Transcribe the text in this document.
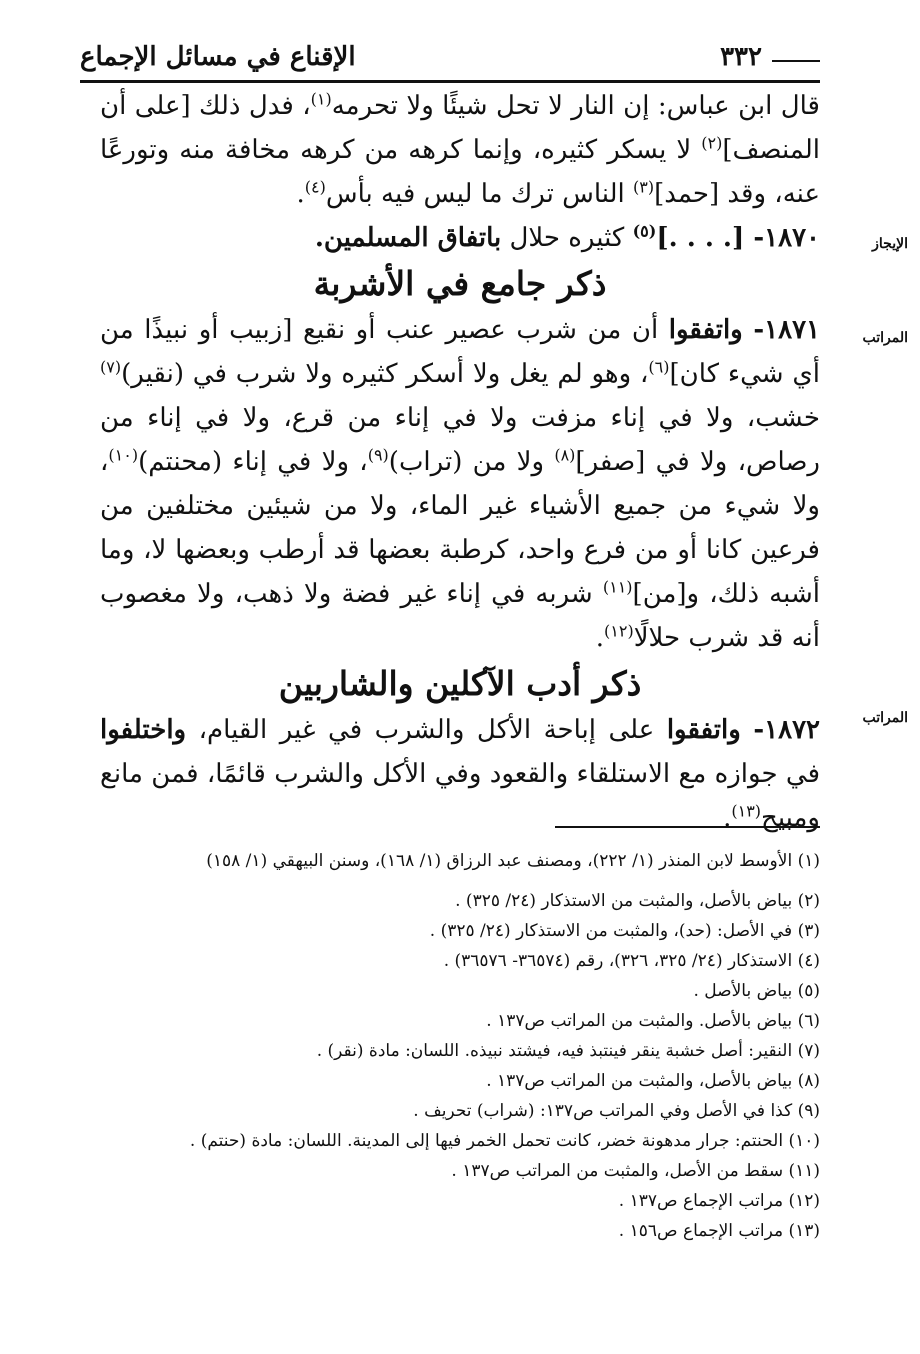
٣٣٢
الإقناع في مسائل الإجماع
الإيجاز
المراتب
المراتب

قال ابن عباس: إن النار لا تحل شيئًا ولا تحرمه$^{(١)}$، فدل ذلك [على أن المنصف]$^{(٢)}$ لا يسكر كثيره، وإنما كرهه من كرهه مخافة منه وتورعًا عنه، وقد [حمد]$^{(٣)}$ الناس ترك ما ليس فيه بأس$^{(٤)}$.

١٨٧٠- [. . . .]$^{(٥)}$ كثيره حلال باتفاق المسلمين.

ذكر جامع في الأشربة

١٨٧١- واتفقوا أن من شرب عصير عنب أو نقيع [زبيب أو نبيذًا من أي شيء كان]$^{(٦)}$، وهو لم يغل ولا أسكر كثيره ولا شرب في (نقير)$^{(٧)}$ خشب، ولا في إناء مزفت ولا في إناء من قرع، ولا في إناء من رصاص، ولا في [صفر]$^{(٨)}$ ولا من (تراب)$^{(٩)}$، ولا في إناء (محنتم)$^{(١٠)}$، ولا شيء من جميع الأشياء غير الماء، ولا من شيئين مختلفين من فرعين كانا أو من فرع واحد، كرطبة بعضها قد أرطب وبعضها لا، وما أشبه ذلك، و[من]$^{(١١)}$ شربه في إناء غير فضة ولا ذهب، ولا مغصوب أنه قد شرب حلالًا$^{(١٢)}$.

ذكر أدب الآكلين والشاربين

١٨٧٢- واتفقوا على إباحة الأكل والشرب في غير القيام، واختلفوا في جوازه مع الاستلقاء والقعود وفي الأكل والشرب قائمًا، فمن مانع ومبيح$^{(١٣)}$.

(١) الأوسط لابن المنذر (١/ ٢٢٢)، ومصنف عبد الرزاق (١/ ١٦٨)، وسنن البيهقي (١/ ١٥٨)

(٢) بياض بالأصل، والمثبت من الاستذكار (٢٤/ ٣٢٥) .

(٣) في الأصل: (حد)، والمثبت من الاستذكار (٢٤/ ٣٢٥) .

(٤) الاستذكار (٢٤/ ٣٢٥، ٣٢٦)، رقم (٣٦٥٧٤- ٣٦٥٧٦) .

(٥) بياض بالأصل .

(٦) بياض بالأصل. والمثبت من المراتب ص١٣٧ .

(٧) النقير: أصل خشبة ينقر فينتبذ فيه، فيشتد نبيذه. اللسان: مادة (نقر) .

(٨) بياض بالأصل، والمثبت من المراتب ص١٣٧ .

(٩) كذا في الأصل وفي المراتب ص١٣٧: (شراب) تحريف .

(١٠) الحنتم: جرار مدهونة خضر، كانت تحمل الخمر فيها إلى المدينة. اللسان: مادة (حنتم) .

(١١) سقط من الأصل، والمثبت من المراتب ص١٣٧ .

(١٢) مراتب الإجماع ص١٣٧ .

(١٣) مراتب الإجماع ص١٥٦ .
